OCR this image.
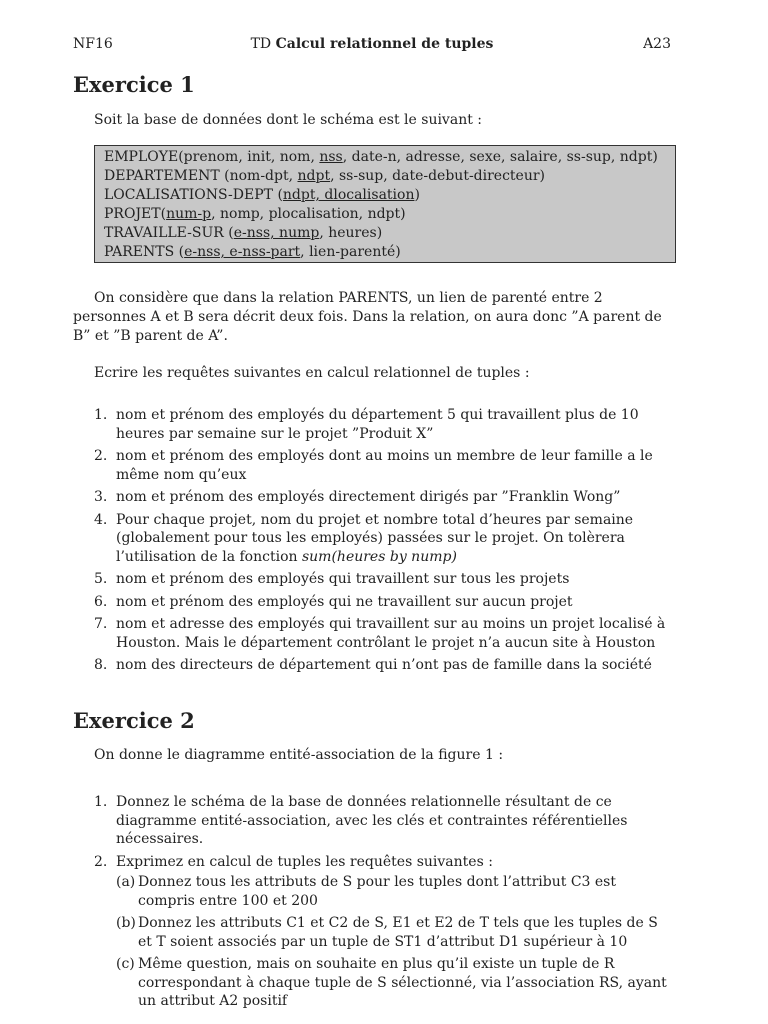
NF16	TD Calcul relationnel de tuples	A23
Exercice 1

Soit la base de données dont le schéma est le suivant :

EMPLOYE(prenom, init, nom, nss, date-n, adresse, sexe, salaire, ss-sup, ndpt)
DEPARTEMENT (nom-dpt, ndpt, ss-sup, date-debut-directeur)
LOCALISATIONS-DEPT (ndpt, dlocalisation)
PROJET(num-p, nomp, plocalisation, ndpt)
TRAVAILLE-SUR (e-nss, nump, heures)
PARENTS (e-nss, e-nss-part, lien-parenté)

On considère que dans la relation PARENTS, un lien de parenté entre 2 personnes A et B sera décrit deux fois. Dans la relation, on aura donc ”A parent de B” et ”B parent de A”.

Ecrire les requêtes suivantes en calcul relationnel de tuples :

1. nom et prénom des employés du département 5 qui travaillent plus de 10 heures par semaine sur le projet ”Produit X”
2. nom et prénom des employés dont au moins un membre de leur famille a le même nom qu’eux
3. nom et prénom des employés directement dirigés par ”Franklin Wong”
4. Pour chaque projet, nom du projet et nombre total d’heures par semaine (globalement pour tous les employés) passées sur le projet. On tolèrera l’utilisation de la fonction sum(heures by nump)
5. nom et prénom des employés qui travaillent sur tous les projets
6. nom et prénom des employés qui ne travaillent sur aucun projet
7. nom et adresse des employés qui travaillent sur au moins un projet localisé à Houston. Mais le département contrôlant le projet n’a aucun site à Houston
8. nom des directeurs de département qui n’ont pas de famille dans la société
Exercice 2

On donne le diagramme entité-association de la figure 1 :

1. Donnez le schéma de la base de données relationnelle résultant de ce diagramme entité-association, avec les clés et contraintes référentielles nécessaires.
2. Exprimez en calcul de tuples les requêtes suivantes :
(a) Donnez tous les attributs de S pour les tuples dont l’attribut C3 est compris entre 100 et 200
(b) Donnez les attributs C1 et C2 de S, E1 et E2 de T tels que les tuples de S et T soient associés par un tuple de ST1 d’attribut D1 supérieur à 10
(c) Même question, mais on souhaite en plus qu’il existe un tuple de R correspondant à chaque tuple de S sélectionné, via l’association RS, ayant un attribut A2 positif
